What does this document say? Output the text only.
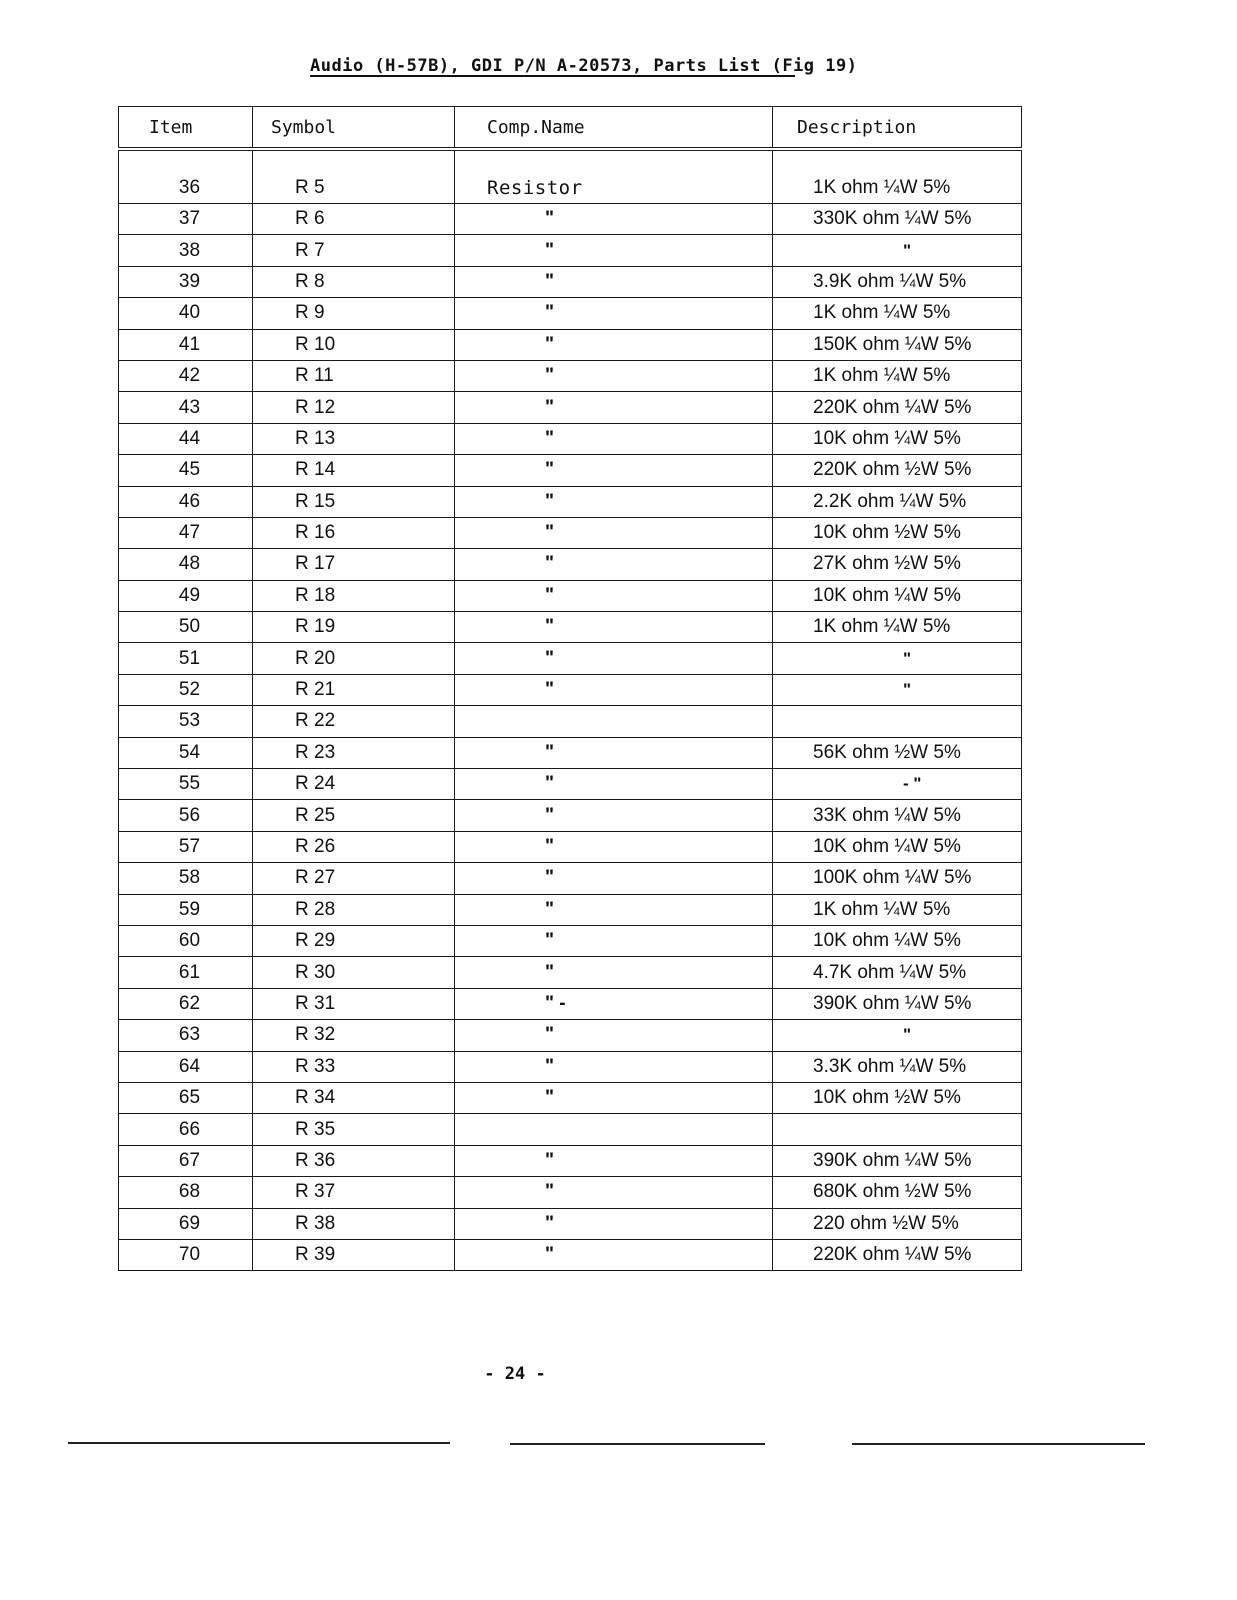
Audio (H-57B), GDI P/N A-20573, Parts List (Fig 19)
Item	Symbol	Comp.Name	Description
36	R 5	Resistor	1K ohm ¼W 5%
37	R 6	"	330K ohm ¼W 5%
38	R 7	"	"
39	R 8	"	3.9K ohm ¼W 5%
40	R 9	"	1K ohm ¼W 5%
41	R 10	"	150K ohm ¼W 5%
42	R 11	"	1K ohm ¼W 5%
43	R 12	"	220K ohm ¼W 5%
44	R 13	"	10K ohm ¼W 5%
45	R 14	"	220K ohm ½W 5%
46	R 15	"	2.2K ohm ¼W 5%
47	R 16	"	10K ohm ½W 5%
48	R 17	"	27K ohm ½W 5%
49	R 18	"	10K ohm ¼W 5%
50	R 19	"	1K ohm ¼W 5%
51	R 20	"	"
52	R 21	"	"
53	R 22		
54	R 23	"	56K ohm ½W 5%
55	R 24	"	- "
56	R 25	"	33K ohm ¼W 5%
57	R 26	"	10K ohm ¼W 5%
58	R 27	"	100K ohm ¼W 5%
59	R 28	"	1K ohm ¼W 5%
60	R 29	"	10K ohm ¼W 5%
61	R 30	"	4.7K ohm ¼W 5%
62	R 31	" -	390K ohm ¼W 5%
63	R 32	"	"
64	R 33	"	3.3K ohm ¼W 5%
65	R 34	"	10K ohm ½W 5%
66	R 35		
67	R 36	"	390K ohm ¼W 5%
68	R 37	"	680K ohm ½W 5%
69	R 38	"	220 ohm ½W 5%
70	R 39	"	220K ohm ¼W 5%
- 24 -
